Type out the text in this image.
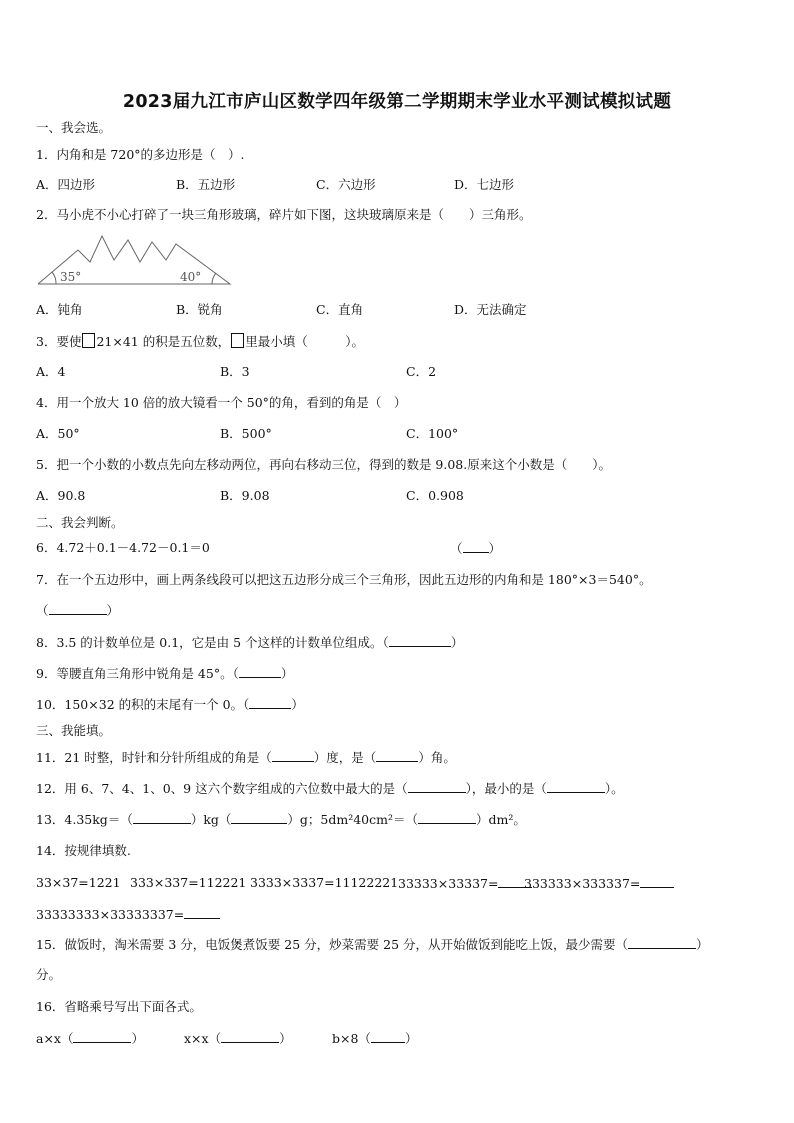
2023届九江市庐山区数学四年级第二学期期末学业水平测试模拟试题
一、我会选。
1．内角和是 720°的多边形是（　）.
A．四边形	B．五边形	C．六边形	D．七边形
2．马小虎不小心打碎了一块三角形玻璃，碎片如下图，这块玻璃原来是（　　）三角形。
35°	40°
A．钝角	B．锐角	C．直角	D．无法确定
3．要使 21×41 的积是五位数， 里最小填（　　　）。
A．4	B．3	C．2
4．用一个放大 10 倍的放大镜看一个 50°的角，看到的角是（　）
A．50°	B．500°	C．100°
5．把一个小数的小数点先向左移动两位，再向右移动三位，得到的数是 9.08.原来这个小数是（　　）。
A．90.8	B．9.08	C．0.908
二、我会判断。
6．4.72＋0.1－4.72－0.1＝0	（ ）
7．在一个五边形中，画上两条线段可以把这五边形分成三个三角形，因此五边形的内角和是 180°×3＝540°。
（	）
8．3.5 的计数单位是 0.1，它是由 5 个这样的计数单位组成。（	）
9．等腰直角三角形中锐角是 45°。（	）
10．150×32 的积的末尾有一个 0。（	）
三、我能填。
11．21 时整，时针和分针所组成的角是（	）度，是（	）角。
12．用 6、7、4、1、0、9 这六个数字组成的六位数中最大的是（	），最小的是（	）。
13．4.35kg＝（	）kg（	）g；5dm²40cm²＝（	）dm²。
14．按规律填数.
33×37=1221 333×337=112221 3333×3337=11122221 33333×33337=	333333×333337=
33333333×33333337=
15．做饭时，淘米需要 3 分，电饭煲煮饭要 25 分，炒菜需要 25 分，从开始做饭到能吃上饭，最少需要（	）
分。
16．省略乘号写出下面各式。
a×x（	）	x×x（	）	b×8（	）
